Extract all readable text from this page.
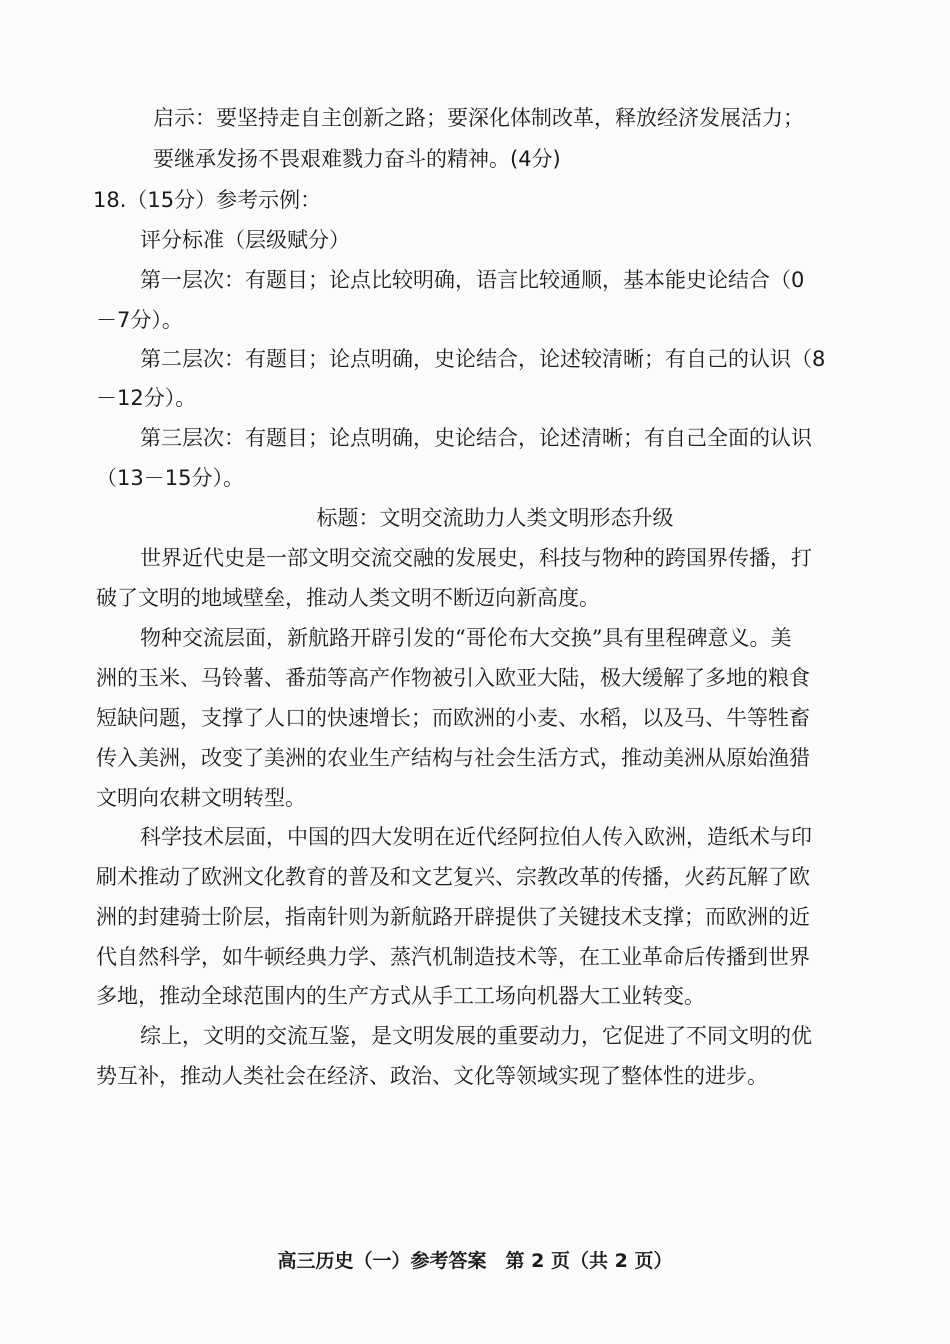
启示：要坚持走自主创新之路；要深化体制改革，释放经济发展活力；
要继承发扬不畏艰难戮力奋斗的精神。(4分)
18.（15分）参考示例：
评分标准（层级赋分）
第一层次：有题目；论点比较明确，语言比较通顺，基本能史论结合（0
－7分）。
第二层次：有题目；论点明确，史论结合，论述较清晰；有自己的认识（8
－12分）。
第三层次：有题目；论点明确，史论结合，论述清晰；有自己全面的认识
（13－15分）。
标题：文明交流助力人类文明形态升级
世界近代史是一部文明交流交融的发展史，科技与物种的跨国界传播，打
破了文明的地域壁垒，推动人类文明不断迈向新高度。
物种交流层面，新航路开辟引发的“哥伦布大交换”具有里程碑意义。美
洲的玉米、马铃薯、番茄等高产作物被引入欧亚大陆，极大缓解了多地的粮食
短缺问题，支撑了人口的快速增长；而欧洲的小麦、水稻，以及马、牛等牲畜
传入美洲，改变了美洲的农业生产结构与社会生活方式，推动美洲从原始渔猎
文明向农耕文明转型。
科学技术层面，中国的四大发明在近代经阿拉伯人传入欧洲，造纸术与印
刷术推动了欧洲文化教育的普及和文艺复兴、宗教改革的传播，火药瓦解了欧
洲的封建骑士阶层，指南针则为新航路开辟提供了关键技术支撑；而欧洲的近
代自然科学，如牛顿经典力学、蒸汽机制造技术等，在工业革命后传播到世界
多地，推动全球范围内的生产方式从手工工场向机器大工业转变。
综上，文明的交流互鉴，是文明发展的重要动力，它促进了不同文明的优
势互补，推动人类社会在经济、政治、文化等领域实现了整体性的进步。
高三历史（一）参考答案　第 2 页（共 2 页）
